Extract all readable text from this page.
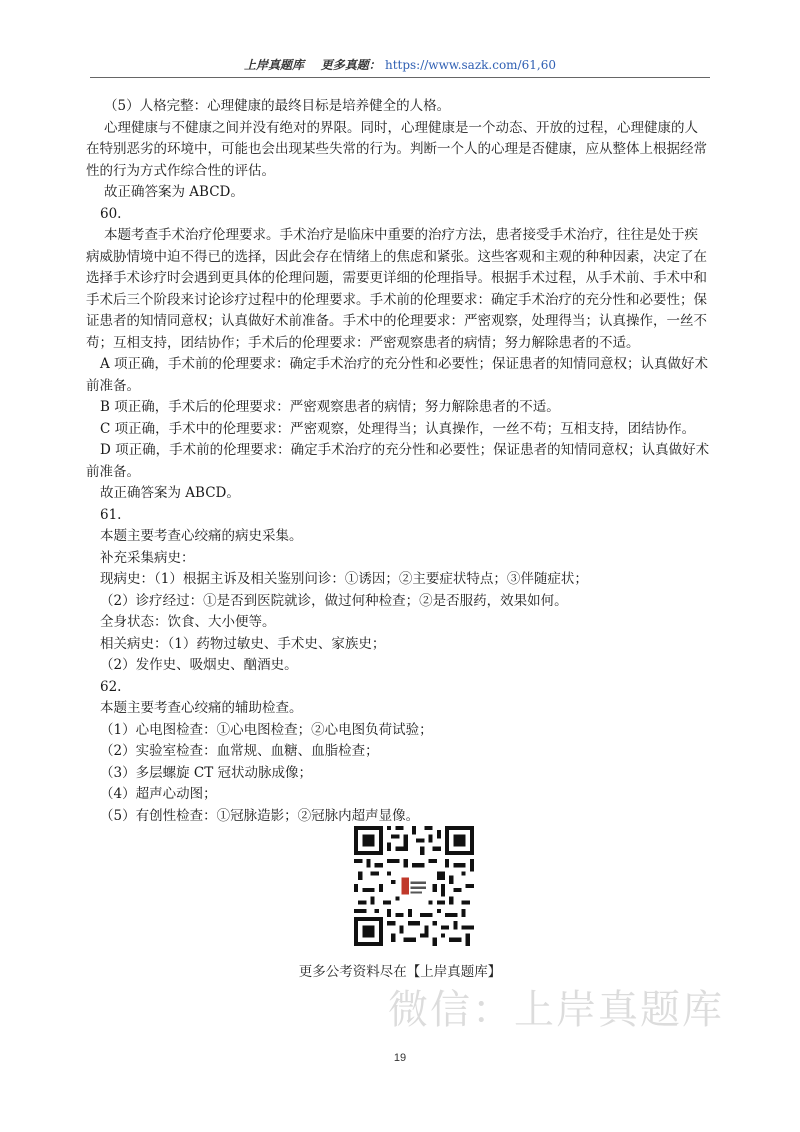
上岸真题库 更多真题： https://www.sazk.com/61,60

（5）人格完整：心理健康的最终目标是培养健全的人格。

心理健康与不健康之间并没有绝对的界限。同时，心理健康是一个动态、开放的过程，心理健康的人

在特别恶劣的环境中，可能也会出现某些失常的行为。判断一个人的心理是否健康，应从整体上根据经常

性的行为方式作综合性的评估。

故正确答案为 ABCD。

60.

本题考查手术治疗伦理要求。手术治疗是临床中重要的治疗方法，患者接受手术治疗，往往是处于疾

病威胁情境中迫不得已的选择，因此会存在情绪上的焦虑和紧张。这些客观和主观的种种因素，决定了在

选择手术诊疗时会遇到更具体的伦理问题，需要更详细的伦理指导。根据手术过程，从手术前、手术中和

手术后三个阶段来讨论诊疗过程中的伦理要求。手术前的伦理要求：确定手术治疗的充分性和必要性；保

证患者的知情同意权；认真做好术前准备。手术中的伦理要求：严密观察，处理得当；认真操作，一丝不

苟；互相支持，团结协作；手术后的伦理要求：严密观察患者的病情；努力解除患者的不适。

A 项正确，手术前的伦理要求：确定手术治疗的充分性和必要性；保证患者的知情同意权；认真做好术

前准备。

B 项正确，手术后的伦理要求：严密观察患者的病情；努力解除患者的不适。

C 项正确，手术中的伦理要求：严密观察，处理得当；认真操作，一丝不苟；互相支持，团结协作。

D 项正确，手术前的伦理要求：确定手术治疗的充分性和必要性；保证患者的知情同意权；认真做好术

前准备。

故正确答案为 ABCD。

61.

本题主要考查心绞痛的病史采集。

补充采集病史：

现病史：（1）根据主诉及相关鉴别问诊：①诱因；②主要症状特点；③伴随症状；

（2）诊疗经过：①是否到医院就诊，做过何种检查；②是否服药，效果如何。

全身状态：饮食、大小便等。

相关病史：（1）药物过敏史、手术史、家族史；

（2）发作史、吸烟史、酗酒史。

62.

本题主要考查心绞痛的辅助检查。

（1）心电图检查：①心电图检查；②心电图负荷试验；

（2）实验室检查：血常规、血糖、血脂检查；

（3）多层螺旋 CT 冠状动脉成像；

（4）超声心动图；

（5）有创性检查：①冠脉造影；②冠脉内超声显像。

更多公考资料尽在【上岸真题库】
微信：上岸真题库
19
